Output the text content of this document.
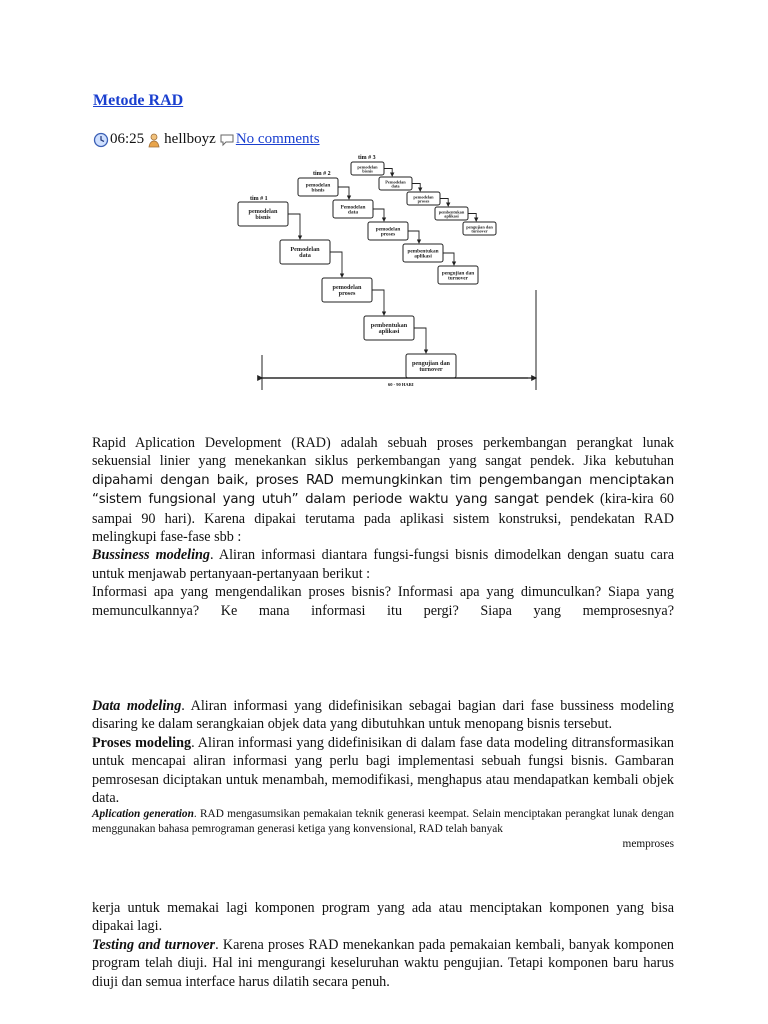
Metode RAD
06:25 hellboyz No comments
tim # 1
tim # 2
tim # 3
pemodelan
bisnis
Pemodelan
data
pemodelan
proses
pembentukan
aplikasi
pengujian dan
turnover
pemodelan
bisnis
Pemodelan
data
pemodelan
proses
pembentukan
aplikasi
pengujian dan
turnover
pemodelan
bisnis
Pemodelan
data
pemodelan
proses
pembentukan
aplikasi
pengujian dan
turnover
60 - 90 HARI

Rapid Aplication Development (RAD) adalah sebuah proses perkembangan perangkat lunak sekuensial linier yang menekankan siklus perkembangan yang sangat pendek. Jika kebutuhan dipahami dengan baik, proses RAD memungkinkan tim pengembangan menciptakan “sistem fungsional yang utuh” dalam periode waktu yang sangat pendek (kira-kira 60 sampai 90 hari). Karena dipakai terutama pada aplikasi sistem konstruksi, pendekatan RAD melingkupi fase-fase sbb :

Bussiness modeling. Aliran informasi diantara fungsi-fungsi bisnis dimodelkan dengan suatu cara untuk menjawab pertanyaan-pertanyaan berikut :

Informasi apa yang mengendalikan proses bisnis? Informasi apa yang dimunculkan? Siapa yang memunculkannya? Ke mana informasi itu pergi? Siapa yang memprosesnya?

Data modeling. Aliran informasi yang didefinisikan sebagai bagian dari fase bussiness modeling disaring ke dalam serangkaian objek data yang dibutuhkan untuk menopang bisnis tersebut.

Proses modeling. Aliran informasi yang didefinisikan di dalam fase data modeling ditransformasikan untuk mencapai aliran informasi yang perlu bagi implementasi sebuah fungsi bisnis. Gambaran pemrosesan diciptakan untuk menambah, memodifikasi, menghapus atau mendapatkan kembali objek data.

Aplication generation. RAD mengasumsikan pemakaian teknik generasi keempat. Selain menciptakan perangkat lunak dengan menggunakan bahasa pemrograman generasi ketiga yang konvensional, RAD telah banyak

memproses

kerja untuk memakai lagi komponen program yang ada atau menciptakan komponen yang bisa dipakai lagi.

Testing and turnover. Karena proses RAD menekankan pada pemakaian kembali, banyak komponen program telah diuji. Hal ini mengurangi keseluruhan waktu pengujian. Tetapi komponen baru harus diuji dan semua interface harus dilatih secara penuh.
